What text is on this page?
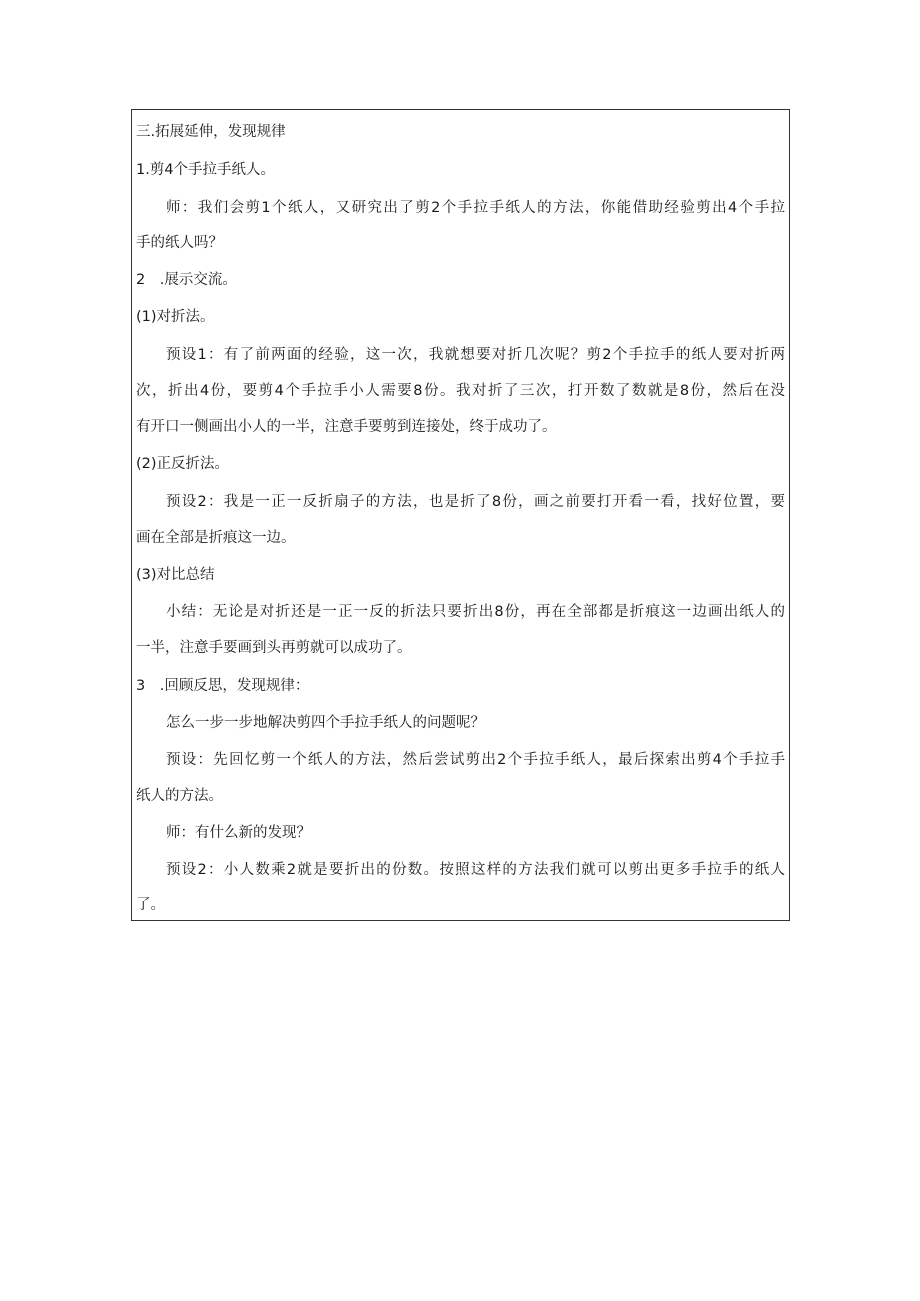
三.拓展延伸，发现规律
1.剪4个手拉手纸人。
师：我们会剪1个纸人，又研究出了剪2个手拉手纸人的方法，你能借助经验剪出4个手拉
手的纸人吗？
2　.展示交流。
(1)对折法。
预设1：有了前两面的经验，这一次，我就想要对折几次呢？剪2个手拉手的纸人要对折两
次，折出4份，要剪4个手拉手小人需要8份。我对折了三次，打开数了数就是8份，然后在没
有开口一侧画出小人的一半，注意手要剪到连接处，终于成功了。
(2)正反折法。
预设2：我是一正一反折扇子的方法，也是折了8份，画之前要打开看一看，找好位置，要
画在全部是折痕这一边。
(3)对比总结
小结：无论是对折还是一正一反的折法只要折出8份，再在全部都是折痕这一边画出纸人的
一半，注意手要画到头再剪就可以成功了。
3　.回顾反思，发现规律：
怎么一步一步地解决剪四个手拉手纸人的问题呢？
预设：先回忆剪一个纸人的方法，然后尝试剪出2个手拉手纸人，最后探索出剪4个手拉手
纸人的方法。
师：有什么新的发现？
预设2：小人数乘2就是要折出的份数。按照这样的方法我们就可以剪出更多手拉手的纸人
了。
